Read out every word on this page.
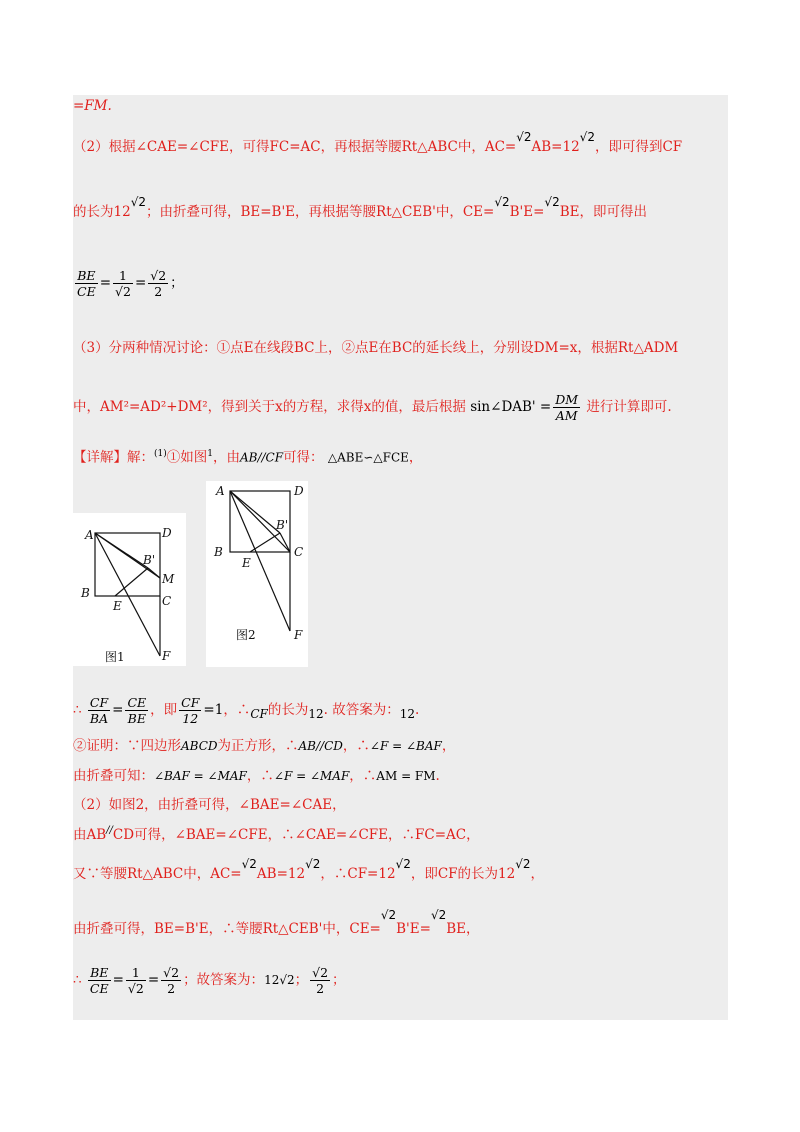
=FM.
（2）根据∠CAE=∠CFE，可得FC=AC，再根据等腰Rt△ABC中，AC=√2AB=12√2，即可得到CF
的长为12√2；由折叠可得，BE=B'E，再根据等腰Rt△CEB'中，CE=√2B'E=√2BE，即可得出
$\frac{BE}{CE} = \frac{1}{√2} = \frac{√2}{2}$ ；
（3）分两种情况讨论：①点E在线段BC上，②点E在BC的延长线上，分别设DM=x，根据Rt△ADM
中，AM²=AD²+DM²，得到关于x的方程，求得x的值，最后根据 sin∠DAB' = $\frac{DM}{AM}$ 进行计算即可.
【详解】解：$^{(1)}$①如图$^1$，由AB//CF可得： △ABE∽△FCE，
A	D
B'
M
B
E	C
F
图1
A	D
B'
B	C
E
F
图2
∴ $\frac{CF}{BA} = \frac{CE}{BE}$ ，即 $\frac{CF}{12} =1$，∴CF的长为12. 故答案为：12.
②证明：∵四边形ABCD为正方形，∴AB//CD，∴∠F = ∠BAF，
由折叠可知：∠BAF = ∠MAF，∴∠F = ∠MAF，∴AM = FM.
（2）如图2，由折叠可得，∠BAE=∠CAE，
由AB//CD可得，∠BAE=∠CFE，∴∠CAE=∠CFE，∴FC=AC，
又∵等腰Rt△ABC中，AC=√2AB=12√2，∴CF=12√2，即CF的长为12√2，
由折叠可得，BE=B'E，∴等腰Rt△CEB'中，CE=√2B'E=√2BE，
∴ $\frac{BE}{CE} = \frac{1}{√2} = \frac{√2}{2}$ ；故答案为：12√2； $\frac{√2}{2}$ ；
